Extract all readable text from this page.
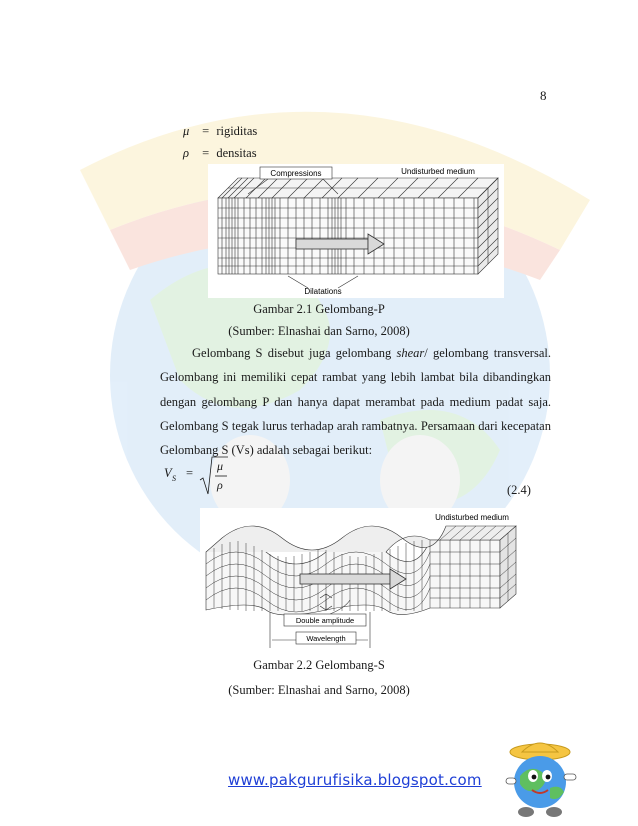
8
μ = rigiditas
ρ = densitas
Compressions	Undisturbed medium
Dilatations
Gambar 2.1 Gelombang-P
(Sumber: Elnashai dan Sarno, 2008)
Gelombang S disebut juga gelombang shear/ gelombang transversal. Gelombang ini memiliki cepat rambat yang lebih lambat bila dibandingkan dengan gelombang P dan hanya dapat merambat pada medium padat saja. Gelombang S tegak lurus terhadap arah rambatnya. Persamaan dari kecepatan Gelombang S (Vs) adalah sebagai berikut:
V S = μ
ρ	(2.4)
Undisturbed medium
Double amplitude
Wavelength
Gambar 2.2 Gelombang-S
(Sumber: Elnashai and Sarno, 2008)
www.pakgurufisika.blogspot.com
